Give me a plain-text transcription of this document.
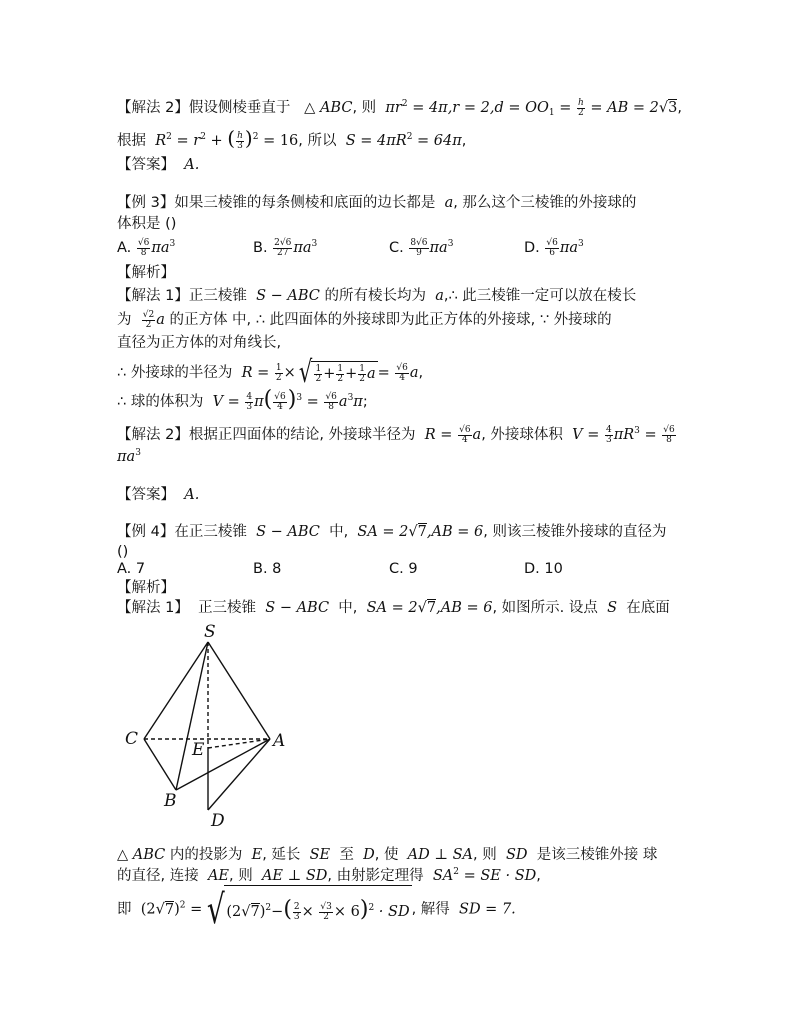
【解法 2】假设侧棱垂直于 △ ABC, 则 $\pi r^2 = 4\pi,r = 2,d = OO_1 = \frac{h}{2}$ = AB = 2√3,
根据 $R^2 = r^2$ + ( $\frac{h}{3} )^2 = 16$, 所以 $S = 4\pi R^2 = 64\pi$,
【答案】 A.
【例 3】如果三棱锥的每条侧棱和底面的边长都是 a, 那么这个三棱锥的外接球的
体积是 ()
A. $\frac{√6}{8} \pi a^3$	B. $\frac{2√6}{27} \pi a^3$	C. $\frac{8√6}{9} \pi a^3$	D. $\frac{√6}{6} \pi a^3$
【解析】
【解法 1】正三棱锥 S − ABC 的所有棱长均为 a,∴ 此三棱锥一定可以放在棱长
为 $\frac{√2}{2}$ a 的正方体 中, ∴ 此四面体的外接球即为此正方体的外接球, ∵ 外接球的
直径为正方体的对角线长,
∴ 外接球的半径为 $R = \frac{1}{2}$ × √ $\frac{1}{2} + \frac{1}{2} + \frac{1}{2}$ $a = \frac{√6}{4} a$,
∴ 球的体积为 $V = \frac{4}{3} \pi( \frac{√6}{4} )^3 = \frac{√6}{8} a^3\pi$;
【解法 2】根据正四面体的结论, 外接球半径为 $R = \frac{√6}{4} a$, 外接球体积 $V = \frac{4}{3} \pi R^3 = \frac{√6}{8}$
$\pi a^3$
【答案】 A.
【例 4】在正三棱锥 S − ABC 中, SA = 2√7,AB = 6, 则该三棱锥外接球的直径为
()
A. 7	B. 8	C. 9	D. 10
【解析】
【解法 1】 正三棱锥 S − ABC 中, SA = 2√7,AB = 6, 如图所示. 设点 S 在底面
S
A
B
C
D
E
△ ABC 内的投影为 E, 延长 SE 至 D, 使 AD ⊥ SA, 则 SD 是该三棱锥外接 球
的直径, 连接 AE, 则 AE ⊥ SD, 由射影定理得 $SA^2$ = SE · SD,
即 $(2√7)^2$ = √ $(2√7)^2-( \frac{2}{3} \times \frac{√3}{2} \times 6)^2$ · SD , 解得 SD = 7.
